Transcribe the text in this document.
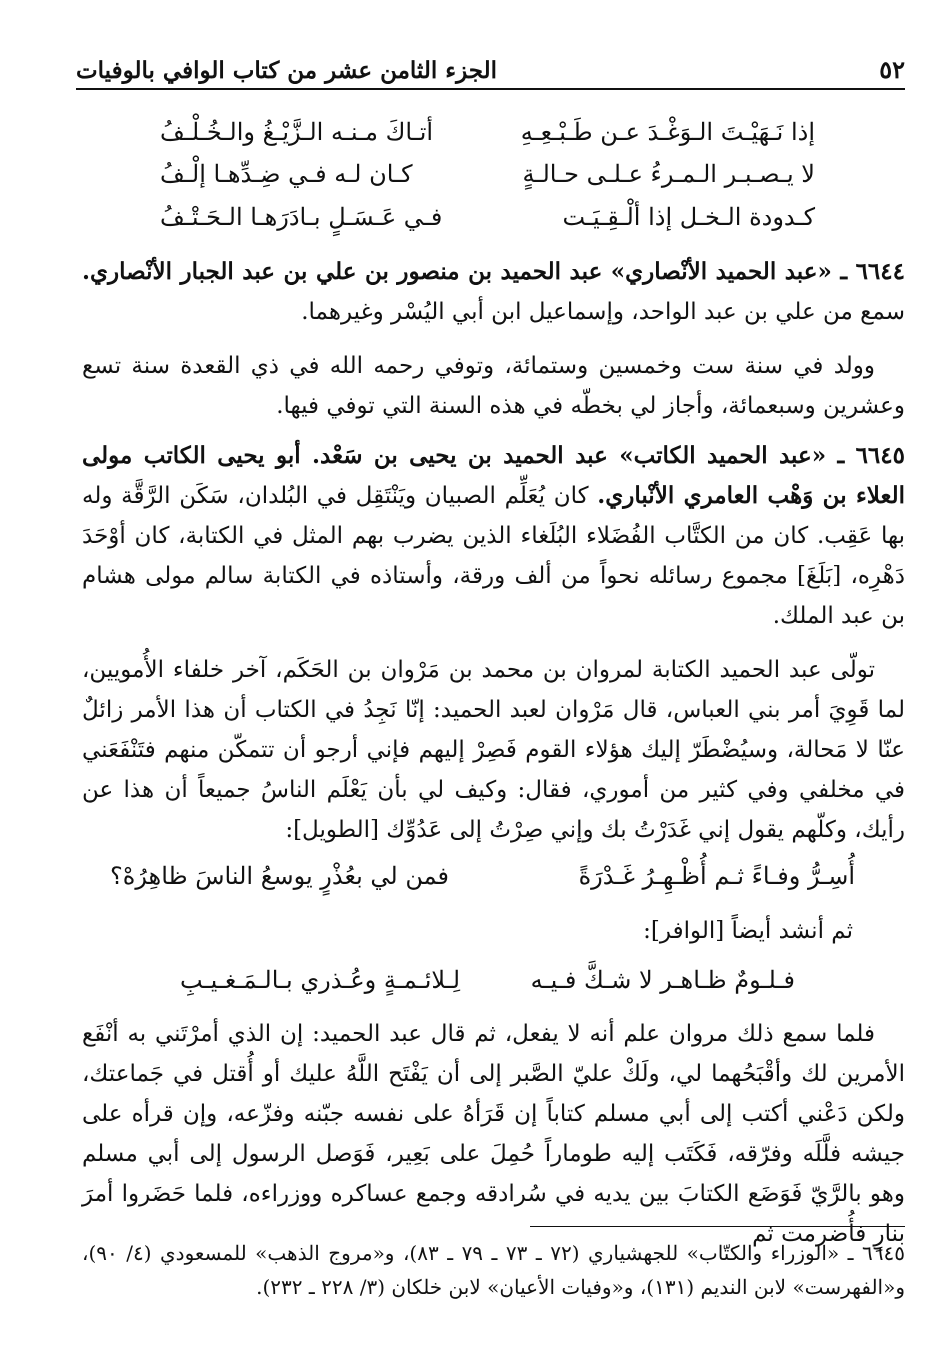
٥٢
الجزء الثامن عشر من كتاب الوافي بالوفيات
إذا نَـهَيْـتَ الـوَغْـدَ عـن طَـبْـعِـهِ
أتـاكَ مـنـه الـزَّيْـغُ والـخُـلْـفُ
لا يـصـبـر الـمـرءُ عـلـى حـالـةٍ
كـان لـه فـي ضِـدِّهـا إلْـفُ
كـدودة الـخـل إذا ألْـقِـيَـت
فـي عَـسَـلٍ بـادَرَهـا الـحَـتْـفُ

٦٦٤٤ ـ «عبد الحميد الأنْصاري» عبد الحميد بن منصور بن علي بن عبد الجبار الأنْصاري. سمع من علي بن عبد الواحد، وإسماعيل ابن أبي اليُسْر وغيرهما.

وولد في سنة ست وخمسين وستمائة، وتوفي رحمه الله في ذي القعدة سنة تسع وعشرين وسبعمائة، وأجاز لي بخطّه في هذه السنة التي توفي فيها.

٦٦٤٥ ـ «عبد الحميد الكاتب» عبد الحميد بن يحيى بن سَعْد. أبو يحيى الكاتب مولى العلاء بن وَهْب العامري الأنْباري. كان يُعَلِّم الصبيان ويَنْتَقِل في البُلدان، سَكَن الرَّقَّة وله بها عَقِب. كان من الكتَّاب الفُضَلاء البُلَغاء الذين يضرب بهم المثل في الكتابة، كان أوْحَدَ دَهْرِه، [بَلَغَ] مجموع رسائله نحواً من ألف ورقة، وأستاذه في الكتابة سالم مولى هشام بن عبد الملك.

تولّى عبد الحميد الكتابة لمروان بن محمد بن مَرْوان بن الحَكَم، آخر خلفاء الأُمويين، لما قَوِيَ أمر بني العباس، قال مَرْوان لعبد الحميد: إنّا نَجِدُ في الكتاب أن هذا الأمر زائلٌ عنّا لا مَحالة، وسيُضْطَرّ إليك هؤلاء القوم فَصِرْ إليهم فإني أرجو أن تتمكّن منهم فتَنْفَعَني في مخلفي وفي كثير من أموري، فقال: وكيف لي بأن يَعْلَم الناسُ جميعاً أن هذا عن رأيك، وكلّهم يقول إني غَدَرْتُ بك وإني صِرْتُ إلى عَدُوِّك [الطويل]:

أُسِـرُّ وفـاءً ثـم أُظْـهِـرُ غَـدْرَةً
فمن لي بعُذْرٍ يوسعُ الناسَ ظاهِرُهْ؟
ثم أنشد أيضاً [الوافر]:
فـلـومٌ ظـاهـر لا شـكَّ فـيـه
لِـلائـمـةٍ وعُـذري بـالـمَـغـيـبِ

فلما سمع ذلك مروان علم أنه لا يفعل، ثم قال عبد الحميد: إن الذي أمرْتَني به أنْفَع الأمرين لك وأقْبَحُهما لي، ولَكْ عليّ الصَّبر إلى أن يَفْتَح اللَّهُ عليك أو أُقتل في جَماعتك، ولكن دَعْني أكتب إلى أبي مسلم كتاباً إن قَرَأهُ على نفسه جبّنه وفزّعه، وإن قرأه على جيشه فلَّلَه وفرّقه، فَكَتَب إليه طوماراً حُمِلَ على بَعِير، فَوَصل الرسول إلى أبي مسلم وهو بالرَّيّ فَوَضَع الكتابَ بين يديه في سُرادقه وجمع عساكره ووزراءه، فلما حَضَروا أمرَ بنارٍ فأُضرمت ثم

٦٦٤٥ ـ «الوزراء والكتّاب» للجهشياري (٧٢ ـ ٧٣ ـ ٧٩ ـ ٨٣)، و«مروج الذهب» للمسعودي (٤/ ٩٠)، و«الفهرست» لابن النديم (١٣١)، و«وفيات الأعيان» لابن خلكان (٣/ ٢٢٨ ـ ٢٣٢).
